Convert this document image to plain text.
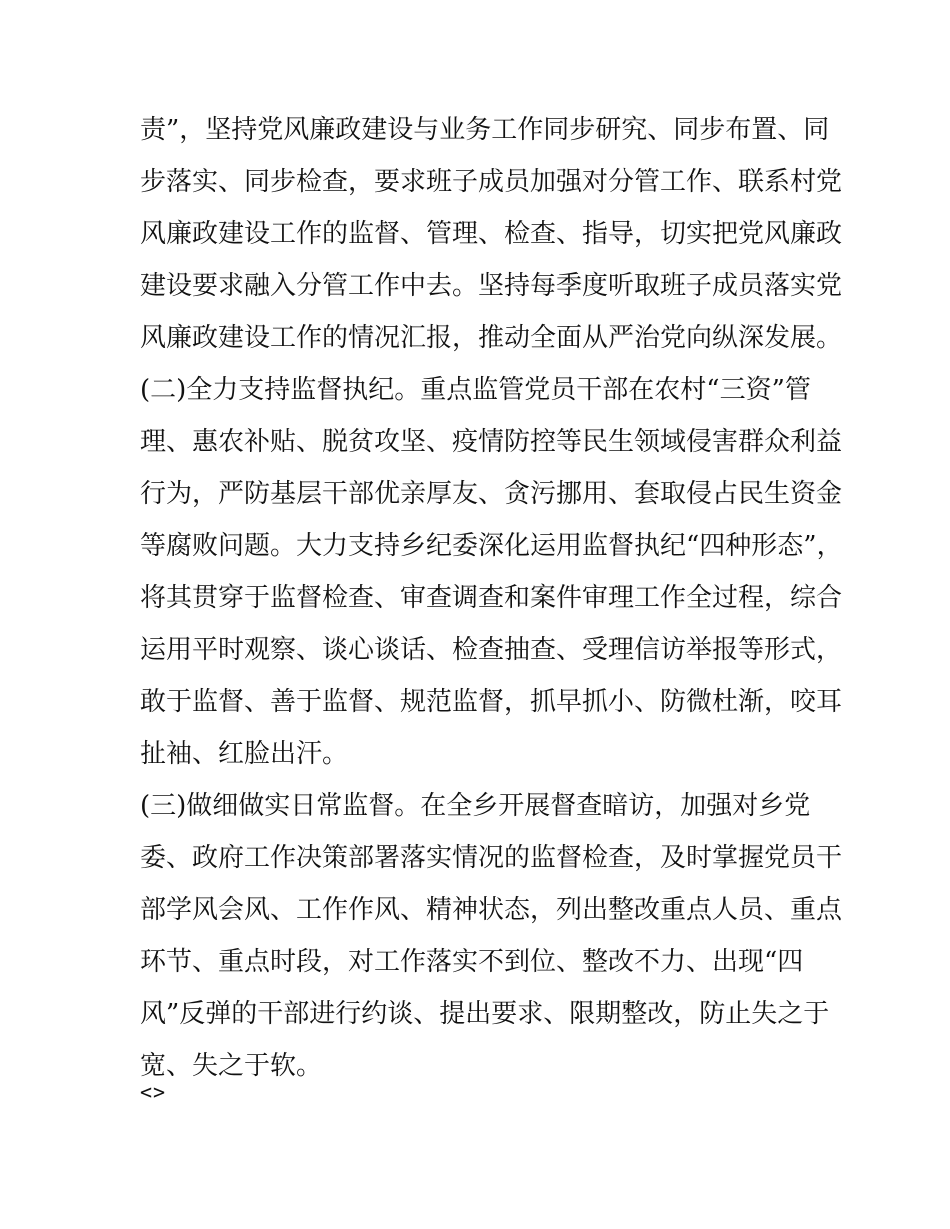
责”，坚持党风廉政建设与业务工作同步研究、同步布置、同
步落实、同步检查，要求班子成员加强对分管工作、联系村党
风廉政建设工作的监督、管理、检查、指导，切实把党风廉政
建设要求融入分管工作中去。坚持每季度听取班子成员落实党
风廉政建设工作的情况汇报，推动全面从严治党向纵深发展。
(二)全力支持监督执纪。重点监管党员干部在农村“三资”管
理、惠农补贴、脱贫攻坚、疫情防控等民生领域侵害群众利益
行为，严防基层干部优亲厚友、贪污挪用、套取侵占民生资金
等腐败问题。大力支持乡纪委深化运用监督执纪“四种形态”，
将其贯穿于监督检查、审查调查和案件审理工作全过程，综合
运用平时观察、谈心谈话、检查抽查、受理信访举报等形式，
敢于监督、善于监督、规范监督，抓早抓小、防微杜渐，咬耳
扯袖、红脸出汗。
(三)做细做实日常监督。在全乡开展督查暗访，加强对乡党
委、政府工作决策部署落实情况的监督检查，及时掌握党员干
部学风会风、工作作风、精神状态，列出整改重点人员、重点
环节、重点时段，对工作落实不到位、整改不力、出现“四
风”反弹的干部进行约谈、提出要求、限期整改，防止失之于
宽、失之于软。
<>
